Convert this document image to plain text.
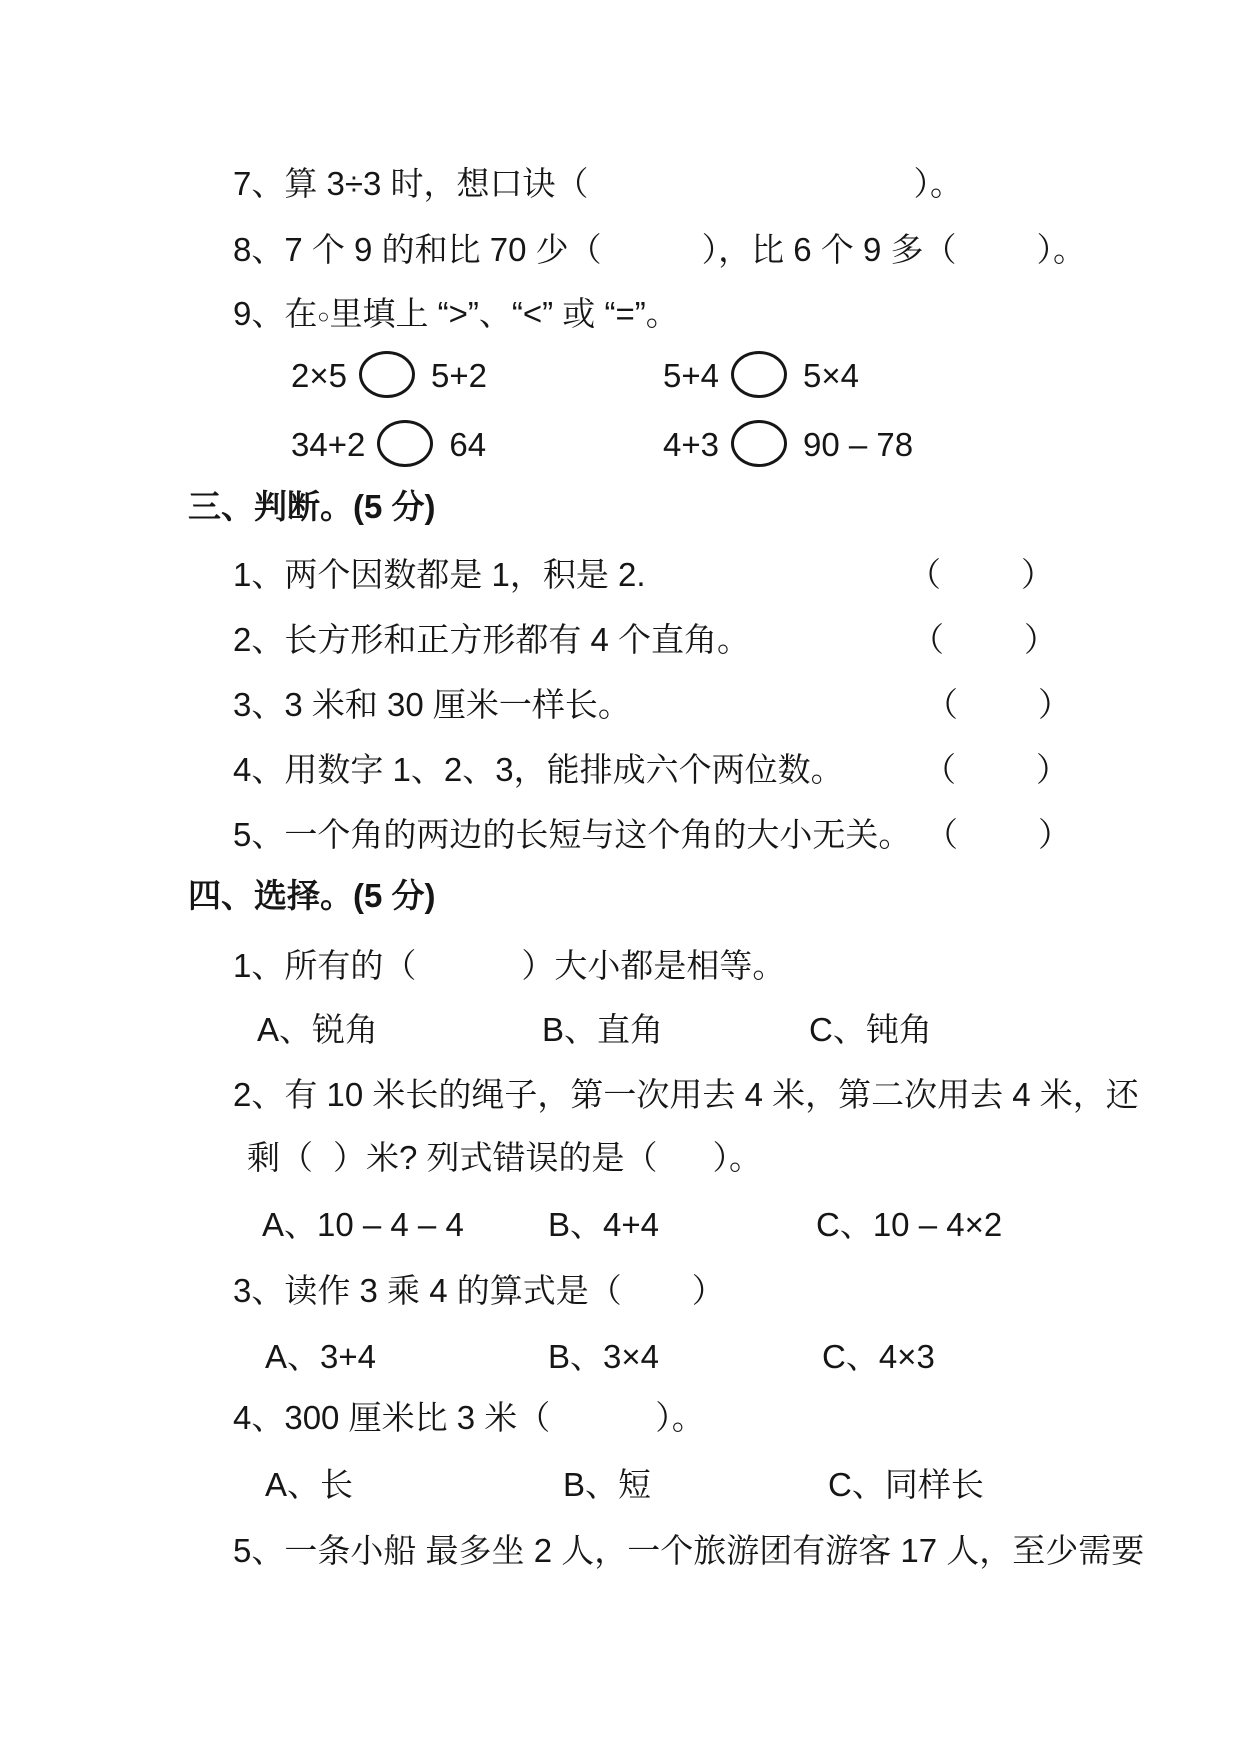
7、算 3÷3 时，想口诀（	）。
8、7 个 9 的和比 70 少（	），比 6 个 9 多（ ）。
9、在○里填上 “>”、“<” 或 “=”。
2×5	5+2	5+4	5×4
34+2	64	4+3	90 – 78
三、判断。(5 分)
1、两个因数都是 1，积是 2.	（ ）
2、长方形和正方形都有 4 个直角。	（ ）
3、3 米和 30 厘米一样长。	（ ）
4、用数字 1、2、3，能排成六个两位数。 （ ）
5、一个角的两边的长短与这个角的大小无关。 （ ）
四、选择。(5 分)
1、所有的（	）大小都是相等。
A、锐角	B、直角	C、钝角
2、有 10 米长的绳子，第一次用去 4 米，第二次用去 4 米，还
剩（ ）米? 列式错误的是（ ）。
A、10 – 4 – 4	B、4+4	C、10 – 4×2
3、读作 3 乘 4 的算式是（ ）
A、3+4	B、3×4	C、4×3
4、300 厘米比 3 米（	）。
A、长	B、短	C、同样长
5、一条小船 最多坐 2 人，一个旅游团有游客 17 人，至少需要
